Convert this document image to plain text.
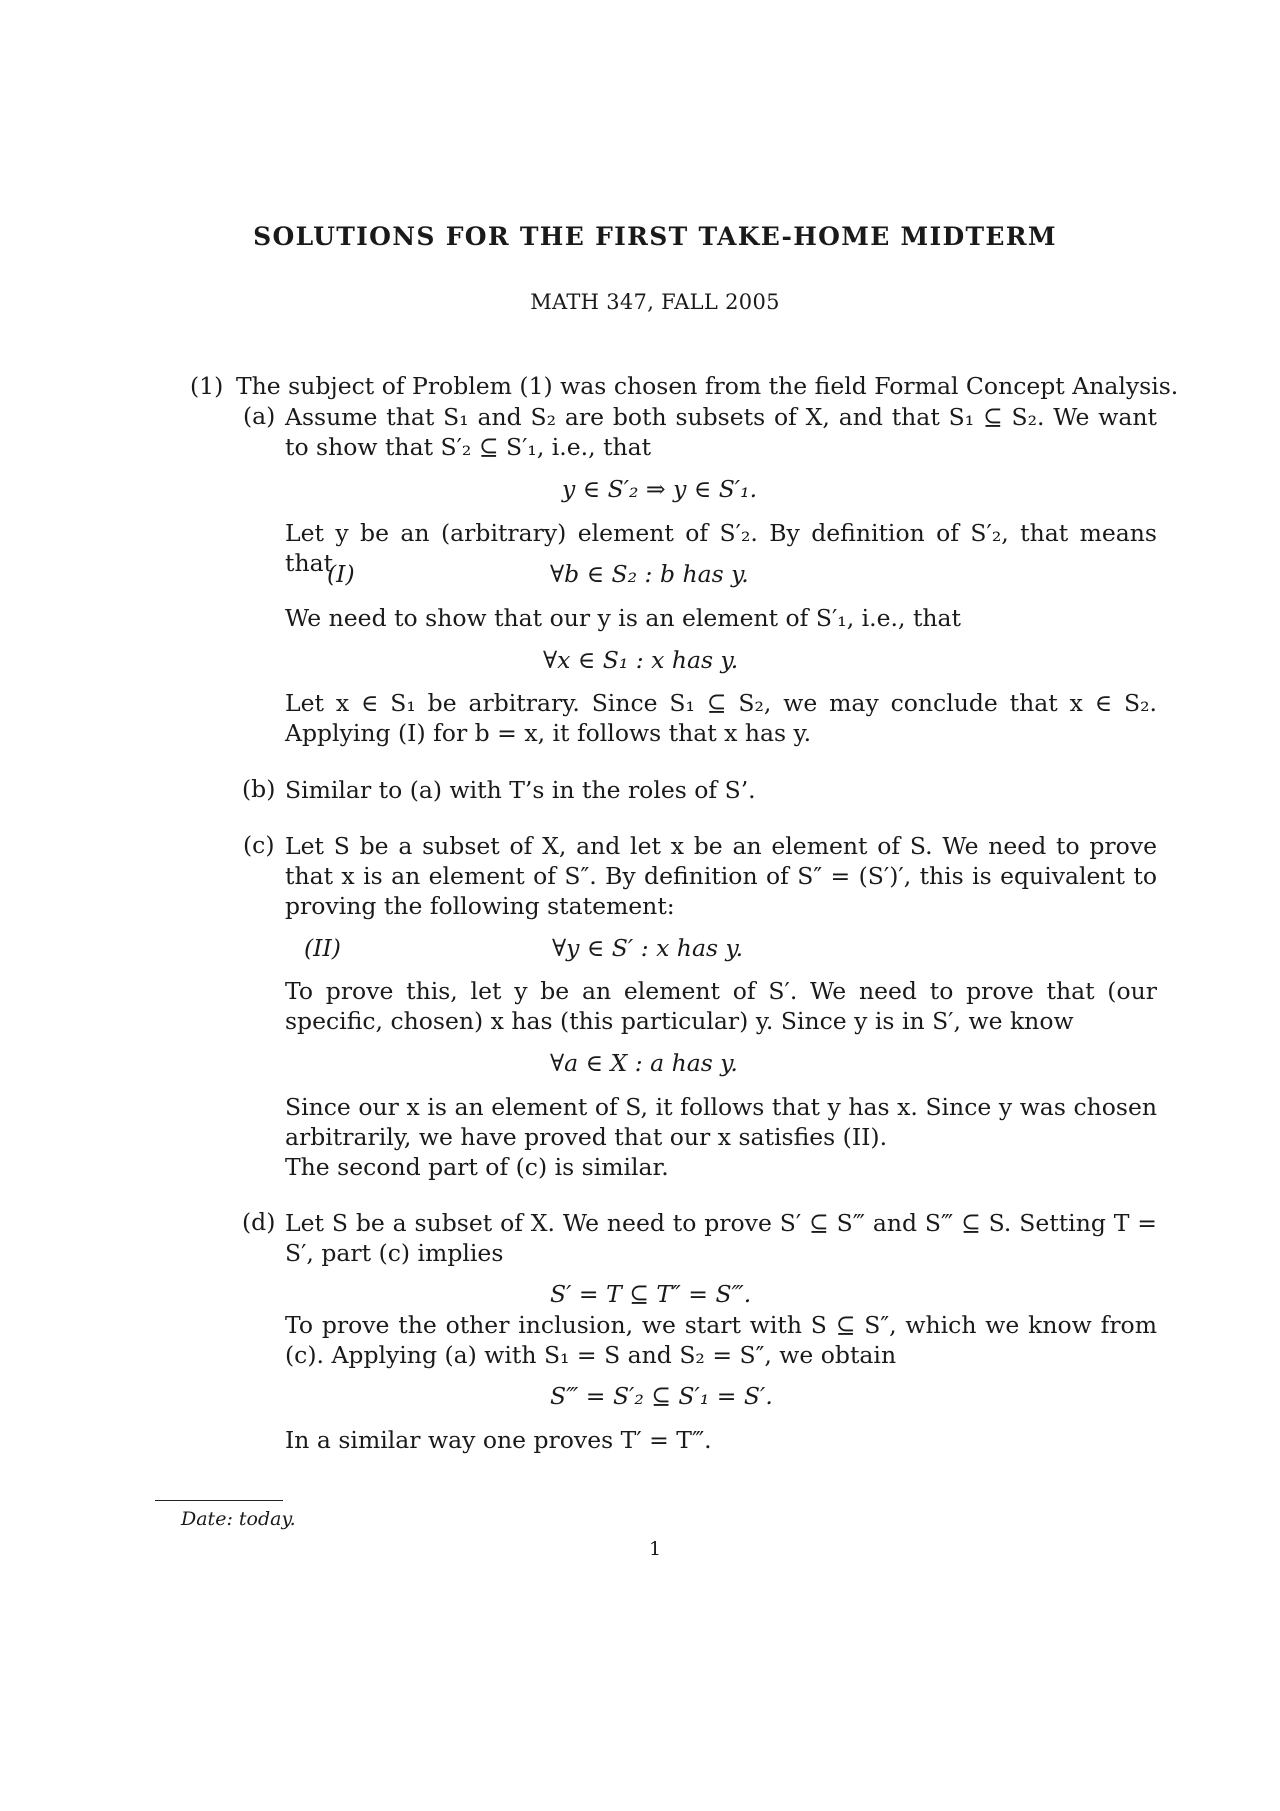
SOLUTIONS FOR THE FIRST TAKE-HOME MIDTERM
MATH 347, FALL 2005
(1) The subject of Problem (1) was chosen from the field Formal Concept Analysis.
(a) Assume that S₁ and S₂ are both subsets of X, and that S₁ ⊆ S₂. We want to show that S′₂ ⊆ S′₁, i.e., that
y ∈ S′₂ ⇒ y ∈ S′₁.
Let y be an (arbitrary) element of S′₂. By definition of S′₂, that means that
(I)	∀b ∈ S₂ : b has y.
We need to show that our y is an element of S′₁, i.e., that
∀x ∈ S₁ : x has y.
Let x ∈ S₁ be arbitrary. Since S₁ ⊆ S₂, we may conclude that x ∈ S₂. Applying (I) for b = x, it follows that x has y.
(b) Similar to (a) with T’s in the roles of S’.
(c) Let S be a subset of X, and let x be an element of S. We need to prove that x is an element of S″. By definition of S″ = (S′)′, this is equivalent to proving the following statement:
(II)	∀y ∈ S′ : x has y.
To prove this, let y be an element of S′. We need to prove that (our specific, chosen) x has (this particular) y. Since y is in S′, we know
∀a ∈ X : a has y.
Since our x is an element of S, it follows that y has x. Since y was chosen arbitrarily, we have proved that our x satisfies (II).
The second part of (c) is similar.
(d) Let S be a subset of X. We need to prove S′ ⊆ S‴ and S‴ ⊆ S. Setting T = S′, part (c) implies
S′ = T ⊆ T″ = S‴.
To prove the other inclusion, we start with S ⊆ S″, which we know from (c). Applying (a) with S₁ = S and S₂ = S″, we obtain
S‴ = S′₂ ⊆ S′₁ = S′.
In a similar way one proves T′ = T‴.
Date: today.
1
